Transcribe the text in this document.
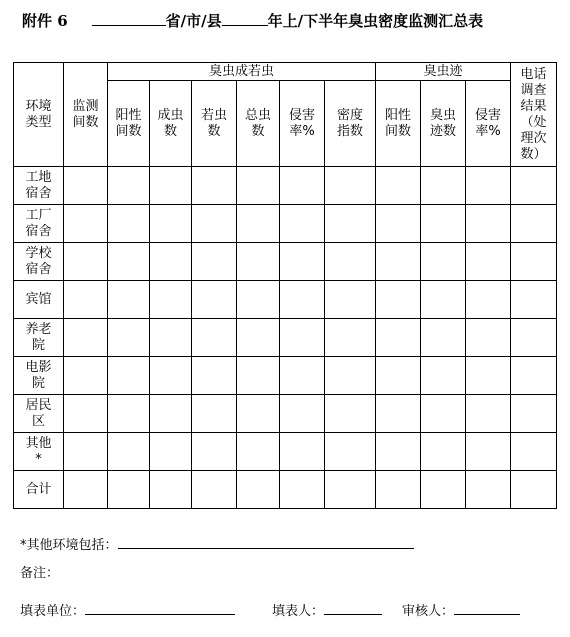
附件 6	省/市/县	年上/下半年臭虫密度监测汇总表
环境类型	监测间数	臭虫成若虫						臭虫迹			电话调查结果（处理次数）
		阳性间数	成虫数	若虫数	总虫数	侵害率%	密度指数	阳性间数	臭虫迹数	侵害率%	
工地宿舍											
工厂宿舍											
学校宿舍											
宾馆											
养老院											
电影院											
居民区											
其他*											
合计											
*其他环境包括：
备注：
填表单位：	填表人：	审核人：
